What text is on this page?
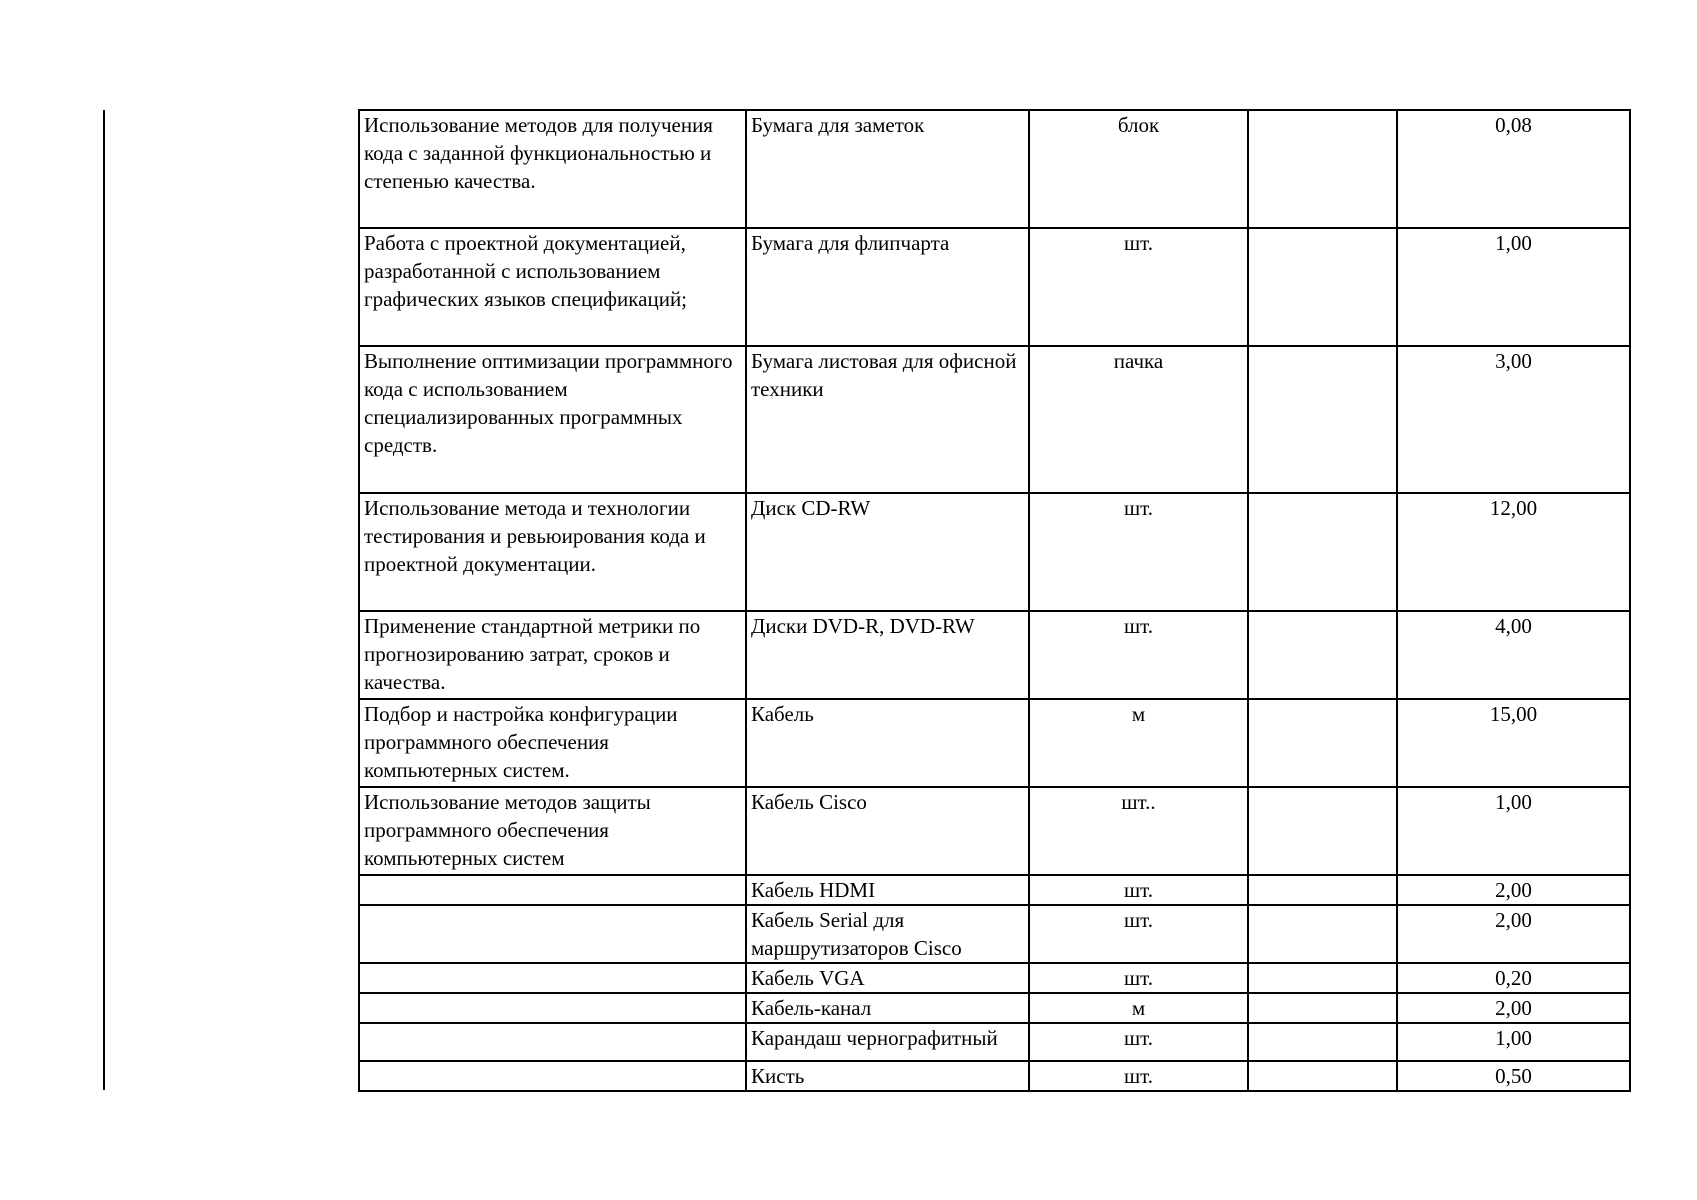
Использование методов для получения кода с заданной функциональностью и степенью качества.	Бумага для заметок	блок		0,08
Работа с проектной документацией, разработанной с использованием графических языков спецификаций;	Бумага для флипчарта	шт.		1,00
Выполнение оптимизации программного кода с использованием специализированных программных средств.	Бумага листовая для офисной техники	пачка		3,00
Использование метода и технологии тестирования и ревьюирования кода и проектной документации.	Диск CD-RW	шт.		12,00
Применение стандартной метрики по прогнозированию затрат, сроков и качества.	Диски DVD-R, DVD-RW	шт.		4,00
Подбор и настройка конфигурации программного обеспечения компьютерных систем.	Кабель	м		15,00
Использование методов защиты программного обеспечения компьютерных систем	Кабель Cisco	шт..		1,00
	Кабель HDMI	шт.		2,00
	Кабель Serial для маршрутизаторов Cisco	шт.		2,00
	Кабель VGA	шт.		0,20
	Кабель-канал	м		2,00
	Карандаш чернографитный	шт.		1,00
	Кисть	шт.		0,50
